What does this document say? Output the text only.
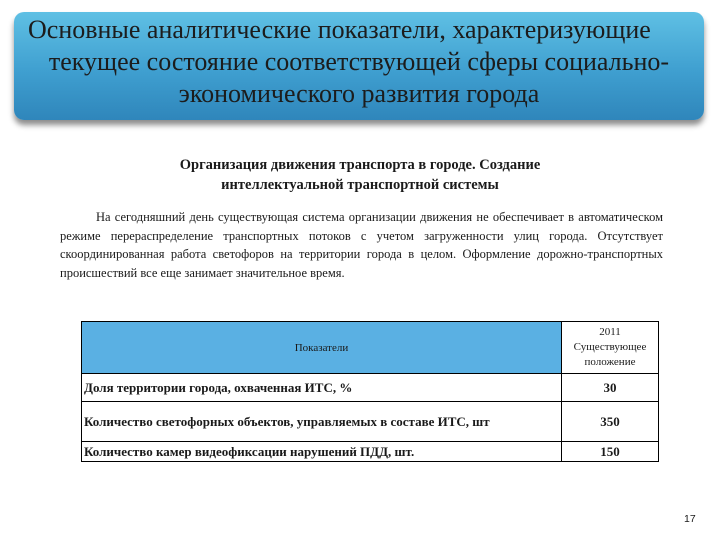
Основные аналитические показатели, характеризующие
текущее состояние соответствующей сферы социально-
экономического развития города
Организация движения транспорта в городе. Создание
интеллектуальной транспортной системы

На сегодняшний день существующая система организации движения не обеспечивает в автоматическом режиме перераспределение транспортных потоков с учетом загруженности улиц города. Отсутствует скоординированная работа светофоров на территории города в целом. Оформление дорожно-транспортных происшествий все еще занимает значительное время.

Показатели	2011
Существующее
положение
Доля территории города, охваченная ИТС, %	30
Количество светофорных объектов, управляемых в составе ИТС, шт	350
Количество камер видеофиксации нарушений ПДД, шт.	150
17
